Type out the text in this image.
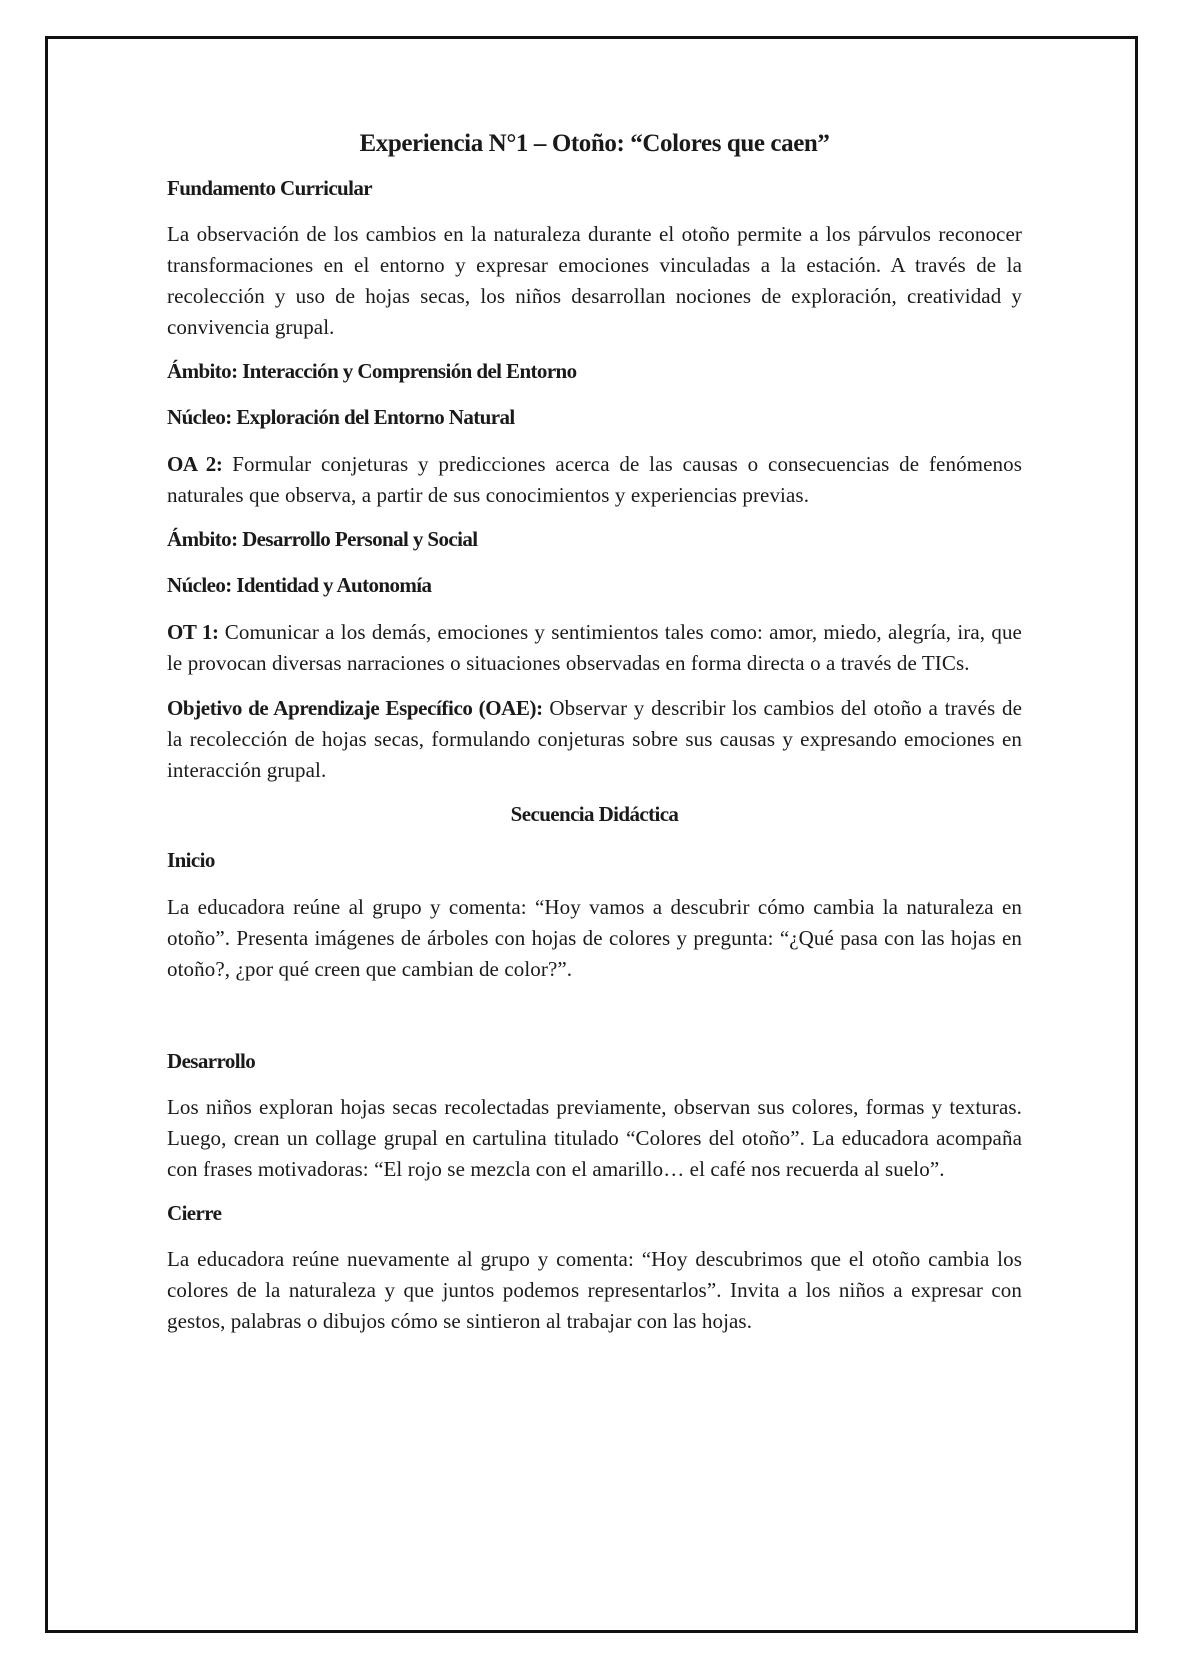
Experiencia N°1 – Otoño: “Colores que caen”

Fundamento Curricular

La observación de los cambios en la naturaleza durante el otoño permite a los párvulos reconocer transformaciones en el entorno y expresar emociones vinculadas a la estación. A través de la recolección y uso de hojas secas, los niños desarrollan nociones de exploración, creatividad y convivencia grupal.

Ámbito: Interacción y Comprensión del Entorno

Núcleo: Exploración del Entorno Natural

OA 2: Formular conjeturas y predicciones acerca de las causas o consecuencias de fenómenos naturales que observa, a partir de sus conocimientos y experiencias previas.

Ámbito: Desarrollo Personal y Social

Núcleo: Identidad y Autonomía

OT 1: Comunicar a los demás, emociones y sentimientos tales como: amor, miedo, alegría, ira, que le provocan diversas narraciones o situaciones observadas en forma directa o a través de TICs.

Objetivo de Aprendizaje Específico (OAE): Observar y describir los cambios del otoño a través de la recolección de hojas secas, formulando conjeturas sobre sus causas y expresando emociones en interacción grupal.

Secuencia Didáctica

Inicio

La educadora reúne al grupo y comenta: “Hoy vamos a descubrir cómo cambia la naturaleza en otoño”. Presenta imágenes de árboles con hojas de colores y pregunta: “¿Qué pasa con las hojas en otoño?, ¿por qué creen que cambian de color?”.

Desarrollo

Los niños exploran hojas secas recolectadas previamente, observan sus colores, formas y texturas. Luego, crean un collage grupal en cartulina titulado “Colores del otoño”. La educadora acompaña con frases motivadoras: “El rojo se mezcla con el amarillo… el café nos recuerda al suelo”.

Cierre

La educadora reúne nuevamente al grupo y comenta: “Hoy descubrimos que el otoño cambia los colores de la naturaleza y que juntos podemos representarlos”. Invita a los niños a expresar con gestos, palabras o dibujos cómo se sintieron al trabajar con las hojas.
